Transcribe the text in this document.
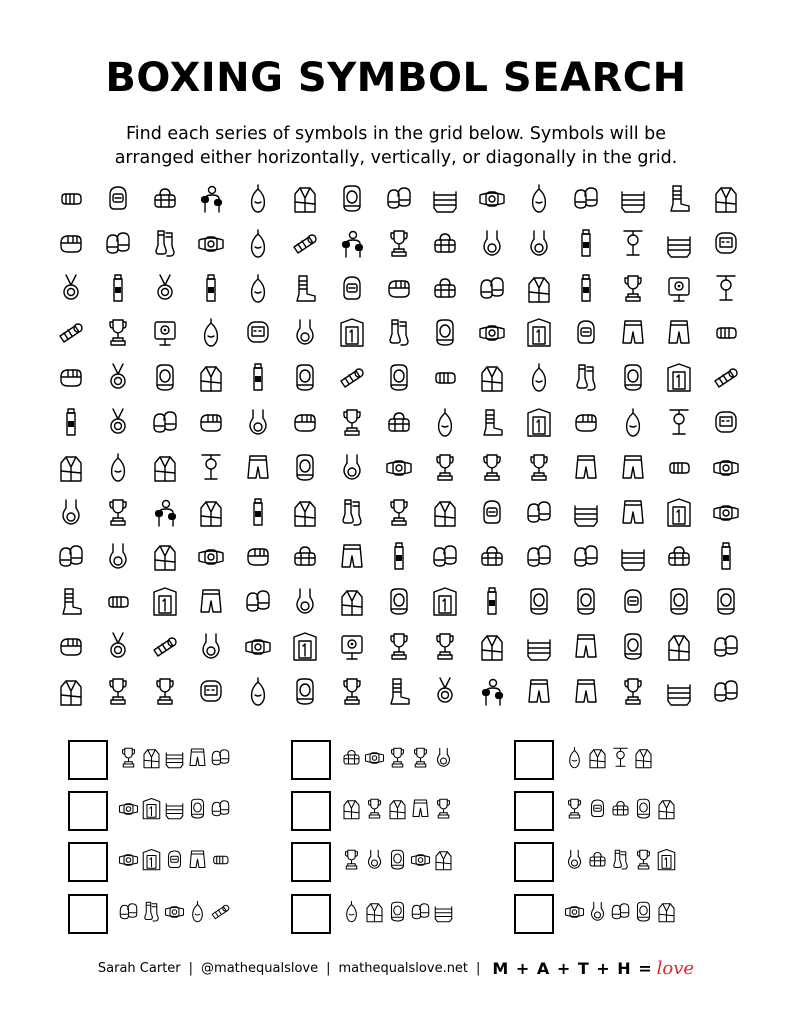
BOXING SYMBOL SEARCH
Find each series of symbols in the grid below. Symbols will be
arranged either horizontally, vertically, or diagonally in the grid.
Sarah Carter | @mathequalslove | mathequalslove.net | M + A + T + H = love
